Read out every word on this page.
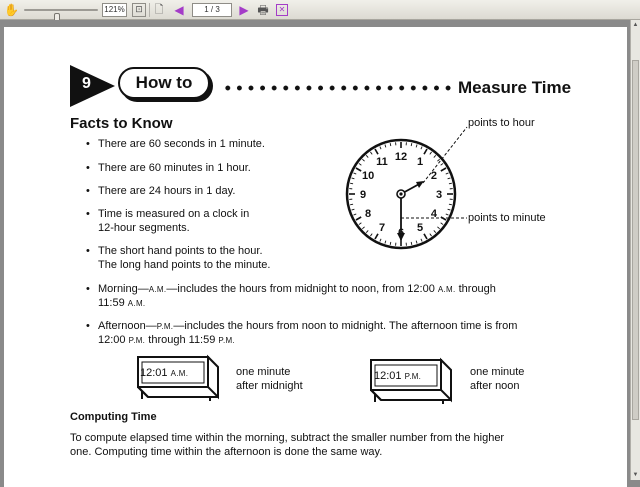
✋	121%	⊡ 🗋 ◀	1 / 3	▶ 🖶	✕
9	How to	Measure Time
Facts to Know
• There are 60 seconds in 1 minute.
• There are 60 minutes in 1 hour.
• There are 24 hours in 1 day.
• Time is measured on a clock in
12-hour segments.
• The short hand points to the hour.
The long hand points to the minute.
• Morning—A.M.—includes the hours from midnight to noon, from 12:00 A.M. through
11:59 A.M.
• Afternoon—P.M.—includes the hours from noon to midnight. The afternoon time is from
12:00 P.M. through 11:59 P.M.
12 1
2
3
4
5
7
8
9
10
11
points to hour
points to minute
12:01 A.M.	one minute
after midnight
12:01 P.M.	one minute
after noon
Computing Time
To compute elapsed time within the morning, subtract the smaller number from the higher
one. Computing time within the afternoon is done the same way.
▲
▼
